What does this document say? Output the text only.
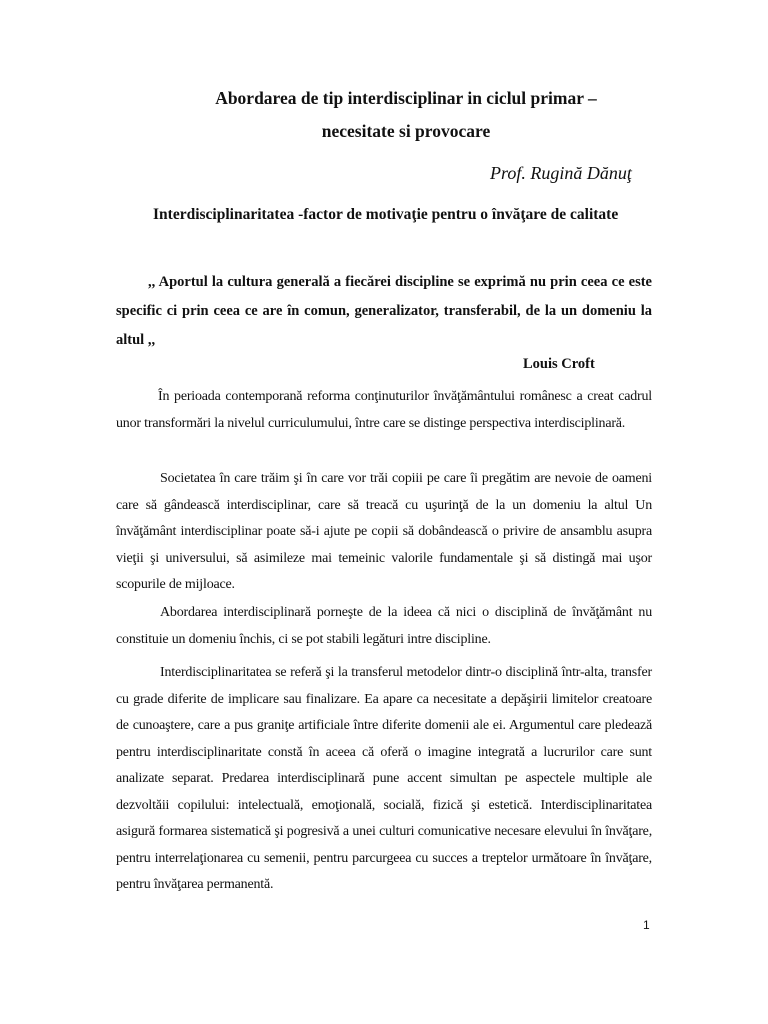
Abordarea de tip interdisciplinar in ciclul primar –
necesitate si provocare
Prof. Rugină Dănuţ
Interdisciplinaritatea -factor de motivaţie pentru o învăţare de calitate

,, Aportul la cultura generală a fiecărei discipline se exprimă nu prin ceea ce este specific ci prin ceea ce are în comun, generalizator, transferabil, de la un domeniu la altul ,,

Louis Croft

În perioada contemporană reforma conţinuturilor învăţământului românesc a creat cadrul unor transformări la nivelul curriculumului, între care se distinge perspectiva interdisciplinară.

Societatea în care trăim şi în care vor trăi copiii pe care îi pregătim are nevoie de oameni care să gândească interdisciplinar, care să treacă cu uşurinţă de la un domeniu la altul Un învăţământ interdisciplinar poate să-i ajute pe copii să dobândească o privire de ansamblu asupra vieţii şi universului, să asimileze mai temeinic valorile fundamentale şi să distingă mai uşor scopurile de mijloace.

Abordarea interdisciplinară porneşte de la ideea că nici o disciplină de învăţământ nu constituie un domeniu închis, ci se pot stabili legături intre discipline.

Interdisciplinaritatea se referă şi la transferul metodelor dintr-o disciplină într-alta, transfer cu grade diferite de implicare sau finalizare. Ea apare ca necesitate a depăşirii limitelor creatoare de cunoaştere, care a pus graniţe artificiale între diferite domenii ale ei. Argumentul care pledează pentru interdisciplinaritate constă în aceea că oferă o imagine integrată a lucrurilor care sunt analizate separat. Predarea interdisciplinară pune accent simultan pe aspectele multiple ale dezvoltăii copilului: intelectuală, emoţională, socială, fizică şi estetică. Interdisciplinaritatea asigură formarea sistematică şi pogresivă a unei culturi comunicative necesare elevului în învăţare, pentru interrelaţionarea cu semenii, pentru parcurgeea cu succes a treptelor următoare în învăţare, pentru învăţarea permanentă.

1
